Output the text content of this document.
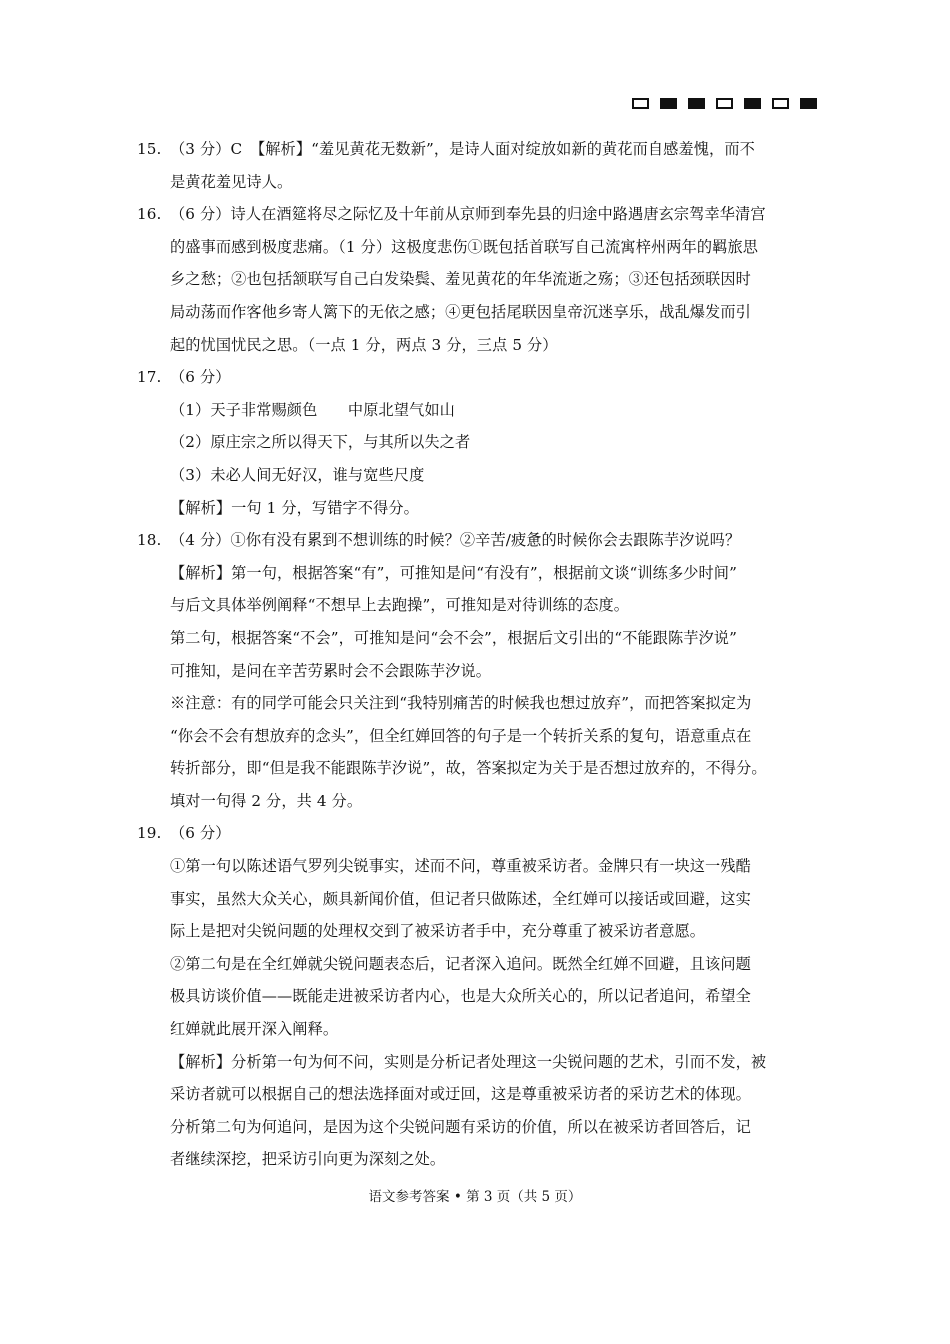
15. （3 分）C　【解析】“羞见黄花无数新”，是诗人面对绽放如新的黄花而自感羞愧，而不
是黄花羞见诗人。
16. （6 分）诗人在酒筵将尽之际忆及十年前从京师到奉先县的归途中路遇唐玄宗驾幸华清宫
的盛事而感到极度悲痛。（1 分）这极度悲伤①既包括首联写自己流寓梓州两年的羁旅思
乡之愁；②也包括颔联写自己白发染鬓、羞见黄花的年华流逝之殇；③还包括颈联因时
局动荡而作客他乡寄人篱下的无依之感；④更包括尾联因皇帝沉迷享乐，战乱爆发而引
起的忧国忧民之思。（一点 1 分，两点 3 分，三点 5 分）
17. （6 分）
（1）天子非常赐颜色　　中原北望气如山
（2）原庄宗之所以得天下，与其所以失之者
（3）未必人间无好汉，谁与宽些尺度
【解析】一句 1 分，写错字不得分。
18. （4 分）①你有没有累到不想训练的时候？②辛苦/疲惫的时候你会去跟陈芋汐说吗？
【解析】第一句，根据答案“有”，可推知是问“有没有”，根据前文谈“训练多少时间”
与后文具体举例阐释“不想早上去跑操”，可推知是对待训练的态度。
第二句，根据答案“不会”，可推知是问“会不会”，根据后文引出的“不能跟陈芋汐说”
可推知，是问在辛苦劳累时会不会跟陈芋汐说。
※注意：有的同学可能会只关注到“我特别痛苦的时候我也想过放弃”，而把答案拟定为
“你会不会有想放弃的念头”，但全红婵回答的句子是一个转折关系的复句，语意重点在
转折部分，即“但是我不能跟陈芋汐说”，故，答案拟定为关于是否想过放弃的，不得分。
填对一句得 2 分，共 4 分。
19. （6 分）
①第一句以陈述语气罗列尖锐事实，述而不问，尊重被采访者。金牌只有一块这一残酷
事实，虽然大众关心，颇具新闻价值，但记者只做陈述，全红婵可以接话或回避，这实
际上是把对尖锐问题的处理权交到了被采访者手中，充分尊重了被采访者意愿。
②第二句是在全红婵就尖锐问题表态后，记者深入追问。既然全红婵不回避，且该问题
极具访谈价值——既能走进被采访者内心，也是大众所关心的，所以记者追问，希望全
红婵就此展开深入阐释。
【解析】分析第一句为何不问，实则是分析记者处理这一尖锐问题的艺术，引而不发，被
采访者就可以根据自己的想法选择面对或迂回，这是尊重被采访者的采访艺术的体现。
分析第二句为何追问，是因为这个尖锐问题有采访的价值，所以在被采访者回答后，记
者继续深挖，把采访引向更为深刻之处。
语文参考答案 • 第 3 页（共 5 页）
